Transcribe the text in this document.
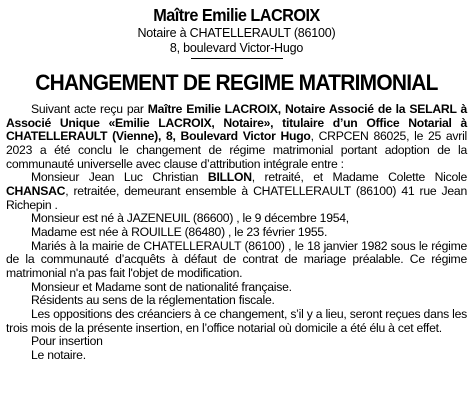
Maître Emilie LACROIX
Notaire à CHATELLERAULT (86100)
8, boulevard Victor-Hugo
CHANGEMENT DE REGIME MATRIMONIAL

Suivant acte reçu par Maître Emilie LACROIX, Notaire Associé de la SELARL à Associé Unique «Emilie LACROIX, Notaire», titulaire d’un Office Notarial à CHATELLERAULT (Vienne), 8, Boulevard Victor Hugo, CRPCEN 86025, le 25 avril 2023 a été conclu le changement de régime matrimonial portant adoption de la communauté universelle avec clause d’attribution intégrale entre :

Monsieur Jean Luc Christian BILLON, retraité, et Madame Colette Nicole CHANSAC, retraitée, demeurant ensemble à CHATELLERAULT (86100) 41 rue Jean Richepin .

Monsieur est né à JAZENEUIL (86600) , le 9 décembre 1954,

Madame est née à ROUILLE (86480) , le 23 février 1955.

Mariés à la mairie de CHATELLERAULT (86100) , le 18 janvier 1982 sous le régime de la communauté d’acquêts à défaut de contrat de mariage préalable. Ce régime matrimonial n'a pas fait l'objet de modification.

Monsieur et Madame sont de nationalité française.

Résidents au sens de la réglementation fiscale.

Les oppositions des créanciers à ce changement, s’il y a lieu, seront reçues dans les trois mois de la présente insertion, en l’office notarial où domicile a été élu à cet effet.

Pour insertion

Le notaire.
